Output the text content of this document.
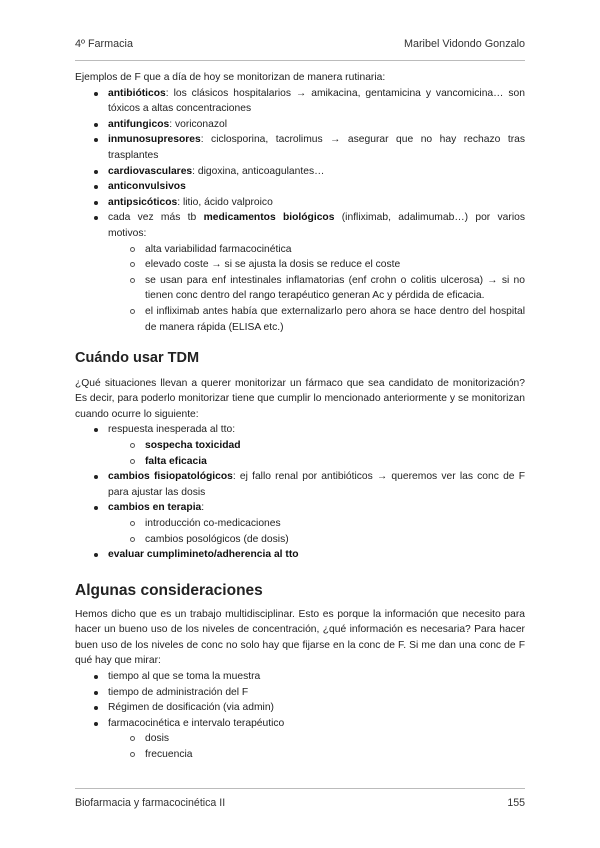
4º Farmacia	Maribel Vidondo Gonzalo
Ejemplos de F que a día de hoy se monitorizan de manera rutinaria:
antibióticos: los clásicos hospitalarios → amikacina, gentamicina y vancomicina… son tóxicos a altas concentraciones
antifungicos: voriconazol
inmunosupresores: ciclosporina, tacrolimus → asegurar que no hay rechazo tras trasplantes
cardiovasculares: digoxina, anticoagulantes…
anticonvulsivos
antipsicóticos: litio, ácido valproico
cada vez más tb medicamentos biológicos (infliximab, adalimumab…) por varios motivos:
alta variabilidad farmacocinética
elevado coste → si se ajusta la dosis se reduce el coste
se usan para enf intestinales inflamatorias (enf crohn o colitis ulcerosa) → si no tienen conc dentro del rango terapéutico generan Ac y pérdida de eficacia.
el infliximab antes había que externalizarlo pero ahora se hace dentro del hospital de manera rápida (ELISA etc.)
Cuándo usar TDM
¿Qué situaciones llevan a querer monitorizar un fármaco que sea candidato de monitorización? Es decir, para poderlo monitorizar tiene que cumplir lo mencionado anteriormente y se monitorizan cuando ocurre lo siguiente:
respuesta inesperada al tto:
sospecha toxicidad
falta eficacia
cambios fisiopatológicos: ej fallo renal por antibióticos → queremos ver las conc de F para ajustar las dosis
cambios en terapia:
introducción co-medicaciones
cambios posológicos (de dosis)
evaluar cumplimineto/adherencia al tto
Algunas consideraciones
Hemos dicho que es un trabajo multidisciplinar. Esto es porque la información que necesito para hacer un bueno uso de los niveles de concentración, ¿qué información es necesaria? Para hacer buen uso de los niveles de conc no solo hay que fijarse en la conc de F. Si me dan una conc de F qué hay que mirar:
tiempo al que se toma la muestra
tiempo de administración del F
Régimen de dosificación (via admin)
farmacocinética e intervalo terapéutico
dosis
frecuencia
Biofarmacia y farmacocinética II	155
